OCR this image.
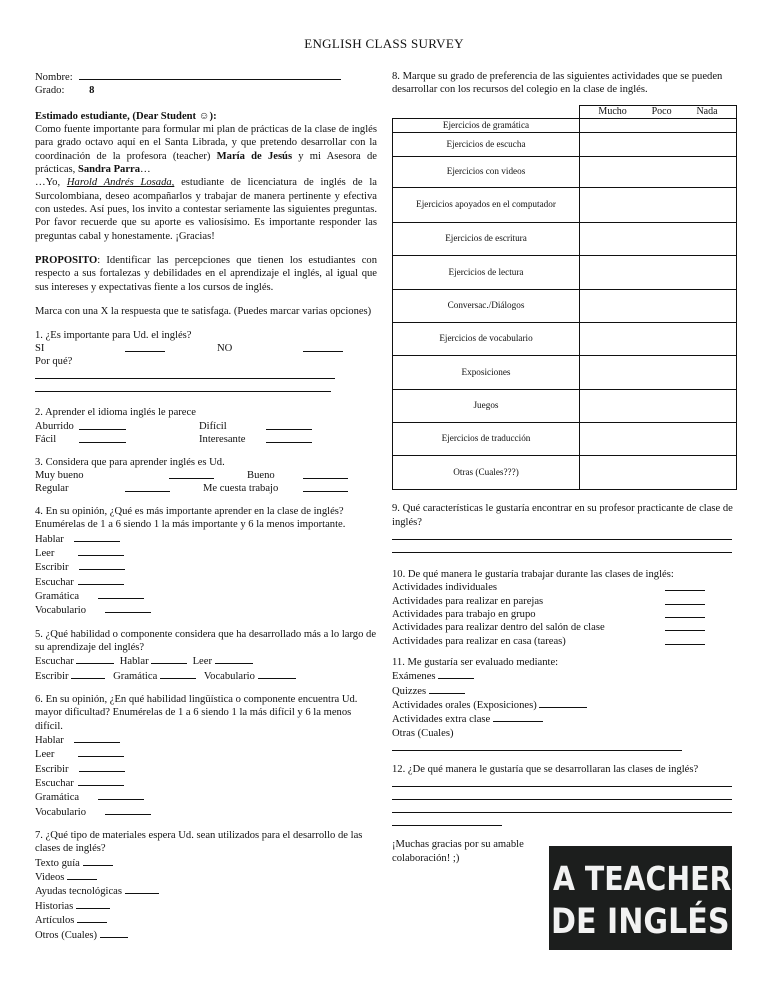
ENGLISH CLASS SURVEY
Nombre:
Grado: 8
Estimado estudiante, (Dear Student ☺):
Como fuente importante para formular mi plan de prácticas de la clase de inglés para grado octavo aquí en el Santa Librada, y que pretendo desarrollar con la coordinación de la profesora (teacher) María de Jesús y mi Asesora de prácticas, Sandra Parra…
…Yo, Harold Andrés Losada, estudiante de licenciatura de inglés de la Surcolombiana, deseo acompañarlos y trabajar de manera pertinente y efectiva con ustedes. Así pues, los invito a contestar seriamente las siguientes preguntas. Por favor recuerde que su aporte es valiosísimo. Es importante responder las preguntas cabal y honestamente. ¡Gracias!
PROPOSITO: Identificar las percepciones que tienen los estudiantes con respecto a sus fortalezas y debilidades en el aprendizaje el inglés, al igual que sus intereses y expectativas fiente a los cursos de inglés.
Marca con una X la respuesta que te satisfaga. (Puedes marcar varias opciones)
1. ¿Es importante para Ud. el inglés?
SI	NO
Por qué?
2. Aprender el idioma inglés le parece
Aburrido	Difícil
Fácil	Interesante
3. Considera que para aprender inglés es Ud.
Muy bueno	Bueno
Regular	Me cuesta trabajo
4. En su opinión, ¿Qué es más importante aprender en la clase de inglés? Enumérelas de 1 a 6 siendo 1 la más importante y 6 la menos importante.
Hablar
Leer
Escribir
Escuchar
Gramática
Vocabulario
5. ¿Qué habilidad o componente considera que ha desarrollado más a lo largo de su aprendizaje del inglés?
Escuchar	Hablar	Leer
Escribir	Gramática	Vocabulario
6. En su opinión, ¿En qué habilidad lingüística o componente encuentra Ud. mayor dificultad? Enumérelas de 1 a 6 siendo 1 la más difícil y 6 la menos difícil.
Hablar
Leer
Escribir
Escuchar
Gramática
Vocabulario
7. ¿Qué tipo de materiales espera Ud. sean utilizados para el desarrollo de las clases de inglés?
Texto guía
Videos
Ayudas tecnológicas
Historias
Artículos
Otros (Cuales)
8. Marque su grado de preferencia de las siguientes actividades que se pueden desarrollar con los recursos del colegio en la clase de inglés.

	Mucho Poco Nada

Ejercicios de gramática	
Ejercicios de escucha	
Ejercicios con videos	
Ejercicios apoyados en el computador	
Ejercicios de escritura	
Ejercicios de lectura	
Conversac./Diálogos	
Ejercicios de vocabulario	
Exposiciones	
Juegos	
Ejercicios de traducción	
Otras (Cuales???)	
9. Qué características le gustaría encontrar en su profesor practicante de clase de inglés?
10. De qué manera le gustaría trabajar durante las clases de inglés:
Actividades individuales
Actividades para realizar en parejas
Actividades para trabajo en grupo
Actividades para realizar dentro del salón de clase
Actividades para realizar en casa (tareas)
11. Me gustaría ser evaluado mediante:
Exámenes
Quizzes
Actividades orales (Exposiciones)
Actividades extra clase
Otras (Cuales)
12. ¿De qué manera le gustaría que se desarrollaran las clases de inglés?
¡Muchas gracias por su amable colaboración! ;)
A TEACHER
DE INGLÉS
